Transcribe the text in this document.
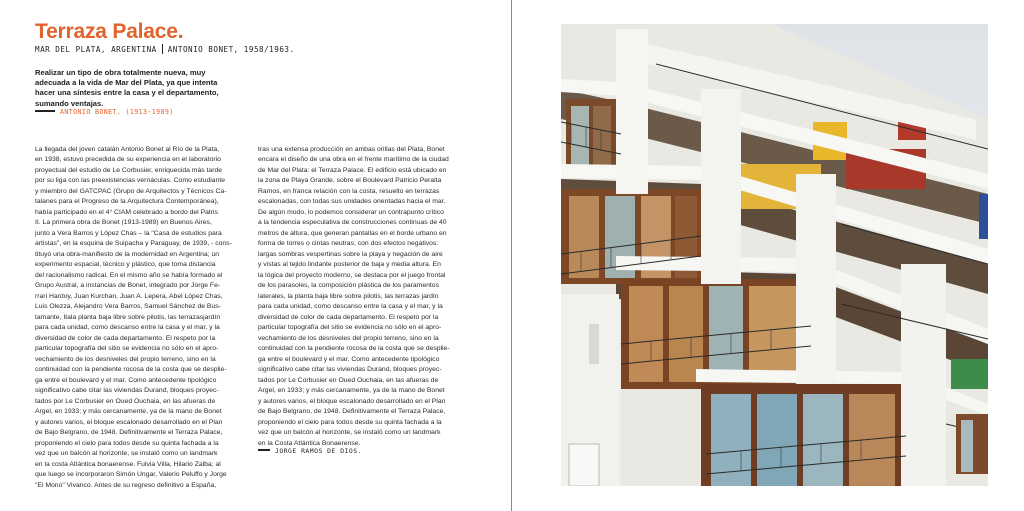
Terraza Palace.
MAR DEL PLATA, ARGENTINA ANTONIO BONET, 1958/1963.
Realizar un tipo de obra totalmente nueva, muy
adecuada a la vida de Mar del Plata, ya que intenta
hacer una síntesis entre la casa y el departamento,
sumando ventajas.
ANTONIO BONET. (1913-1989)
La llegada del joven catalán Antonio Bonet al Río de la Plata,
en 1938, estuvo precedida de su experiencia en el laboratorio
proyectual del estudio de Le Corbusier, enriquecida más tarde
por su liga con las preexistencias vernáculas. Como estudiante
y miembro del GATCPAC (Grupo de Arquitectos y Técnicos Ca-
talanes para el Progreso de la Arquitectura Contemporánea),
había participado en el 4° CIAM celebrado a bordo del Patris
II. La primera obra de Bonet (1913-1989) en Buenos Aires,
junto a Vera Barros y López Chas – la "Casa de estudios para
artistas", en la esquina de Suipacha y Paraguay, de 1939, - cons-
tituyó una obra-manifiesto de la modernidad en Argentina; un
experimento espacial, técnico y plástico, que toma distancia
del racionalismo radical. En el mismo año se había formado el
Grupo Austral, a instancias de Bonet, integrado por Jorge Fe-
rrari Hardoy, Juan Kurchan, Juan A. Lepera, Abel López Chas,
Luis Olezza, Alejandro Vera Barros, Samuel Sánchez de Bus-
tamante, Itala planta baja libre sobre pilotis, las terrazasjardín
para cada unidad, como descanso entre la casa y el mar, y la
diversidad de color de cada departamento. El respeto por la
particular topografía del sitio se evidencia no sólo en el apro-
vechamiento de los desniveles del propio terreno, sino en la
continuidad con la pendiente rocosa de la costa que se desplie-
ga entre el boulevard y el mar. Como antecedente tipológico
significativo cabe citar las viviendas Durand, bloques proyec-
tados por Le Corbusier en Oued Ouchaia, en las afueras de
Argel, en 1933; y más cercanamente, ya de la mano de Bonet
y autores varios, el bloque escalonado desarrollado en el Plan
de Bajo Belgrano, de 1948. Definitivamente el Terraza Palace,
proponiendo el cielo para todos desde su quinta fachada a la
vez que un balcón al horizonte, se instaló como un landmark
en la costa Atlántica bonaerense. Fulvia Villa, Hilario Zalba; al
que luego se incorporaron Simón Ungar, Valerio Peluffo y Jorge
"El Mono" Vivanco. Antes de su regreso definitivo a España,
tras una extensa producción en ambas orillas del Plata, Bonet
encara el diseño de una obra en el frente marítimo de la ciudad
de Mar del Plata: el Terraza Palace. El edificio está ubicado en
la zona de Playa Grande, sobre el Boulevard Patricio Peralta
Ramos, en franca relación con la costa, resuelto en terrazas
escalonadas, con todas sus unidades orientadas hacia el mar.
De algún modo, lo podemos considerar un contrapunto crítico
a la tendencia especulativa de construcciones continuas de 40
metros de altura, que generan pantallas en el borde urbano en
forma de torres o cintas neutras; con dos efectos negativos:
largas sombras vespertinas sobre la playa y negación de aire
y vistas al tejido lindante posterior de baja y media altura. En
la lógica del proyecto moderno, se destaca por el juego frontal
de los parasoles, la composición plástica de los paramentos
laterales, la planta baja libre sobre pilotis, las terrazas jardín
para cada unidad, como descanso entre la casa y el mar, y la
diversidad de color de cada departamento. El respeto por la
particular topografía del sitio se evidencia no sólo en el apro-
vechamiento de los desniveles del propio terreno, sino en la
continuidad con la pendiente rocosa de la costa que se desplie-
ga entre el boulevard y el mar. Como antecedente tipológico
significativo cabe citar las viviendas Durand, bloques proyec-
tados por Le Corbusier en Oued Ouchaia, en las afueras de
Argel, en 1933; y más cercanamente, ya de la mano de Bonet
y autores varios, el bloque escalonado desarrollado en el Plan
de Bajo Belgrano, de 1948. Definitivamente el Terraza Palace,
proponiendo el cielo para todos desde su quinta fachada a la
vez que un balcón al horizonte, se instaló como un landmark
en la Costa Atlántica Bonaerense.
JORGE RAMOS DE DIOS.
